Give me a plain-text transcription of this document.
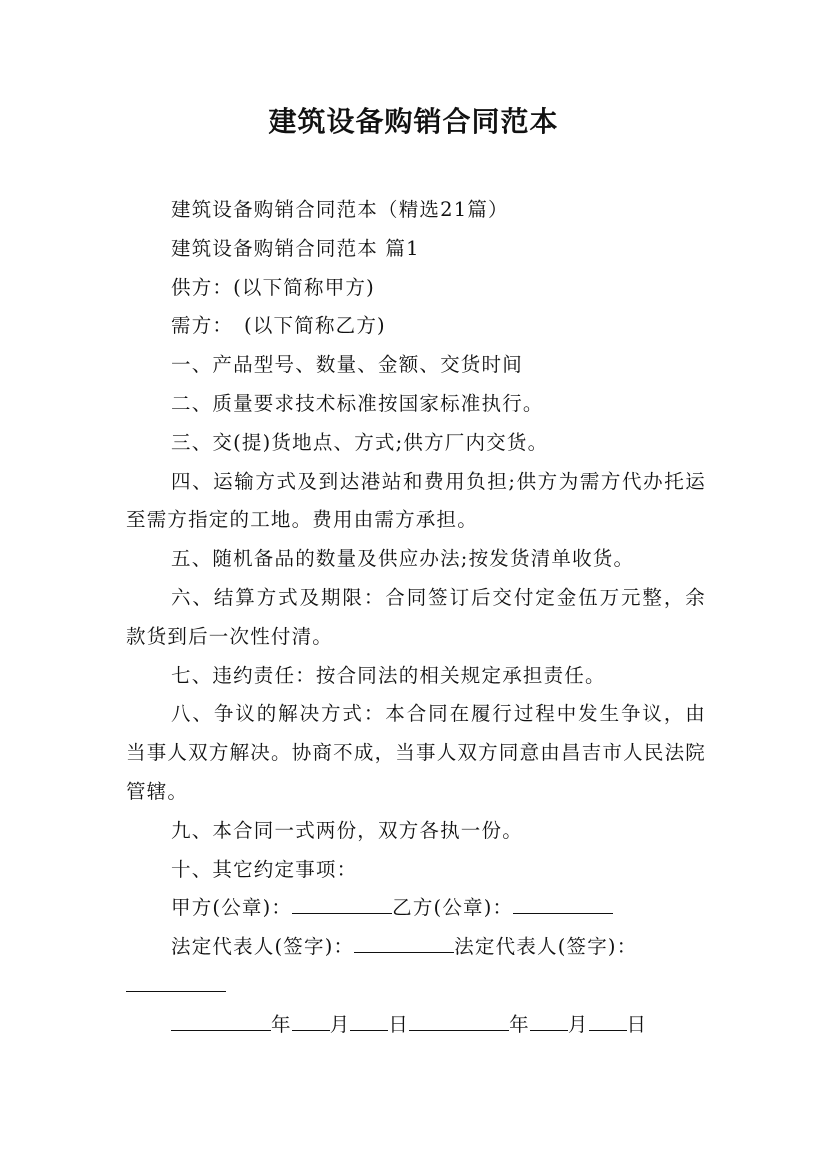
建筑设备购销合同范本

建筑设备购销合同范本（精选21篇）

建筑设备购销合同范本 篇1

供方：(以下简称甲方)

需方：　(以下简称乙方)

一、产品型号、数量、金额、交货时间

二、质量要求技术标准按国家标准执行。

三、交(提)货地点、方式;供方厂内交货。

四、运输方式及到达港站和费用负担;供方为需方代办托运至需方指定的工地。费用由需方承担。

五、随机备品的数量及供应办法;按发货清单收货。

六、结算方式及期限：合同签订后交付定金伍万元整，余款货到后一次性付清。

七、违约责任：按合同法的相关规定承担责任。

八、争议的解决方式：本合同在履行过程中发生争议，由当事人双方解决。协商不成，当事人双方同意由昌吉市人民法院管辖。

九、本合同一式两份，双方各执一份。

十、其它约定事项：

甲方(公章)：	乙方(公章)：

法定代表人(签字)：	法定代表人(签字)：

年 月 日	年 月 日
